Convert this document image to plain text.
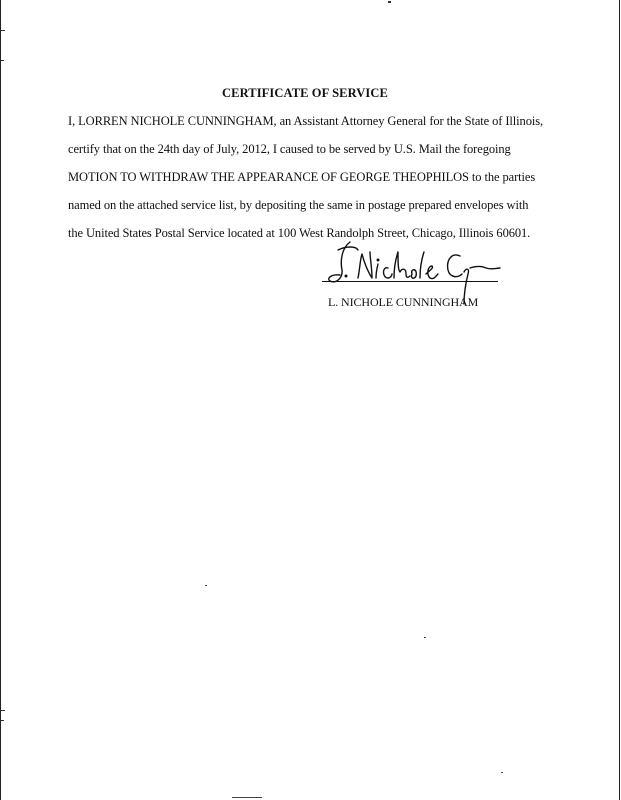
CERTIFICATE OF SERVICE
I, LORREN NICHOLE CUNNINGHAM, an Assistant Attorney General for the State of Illinois,
certify that on the 24th day of July, 2012, I caused to be served by U.S. Mail the foregoing
MOTION TO WITHDRAW THE APPEARANCE OF GEORGE THEOPHILOS to the parties
named on the attached service list, by depositing the same in postage prepared envelopes with
the United States Postal Service located at 100 West Randolph Street, Chicago, Illinois 60601.
L. NICHOLE CUNNINGHAM
